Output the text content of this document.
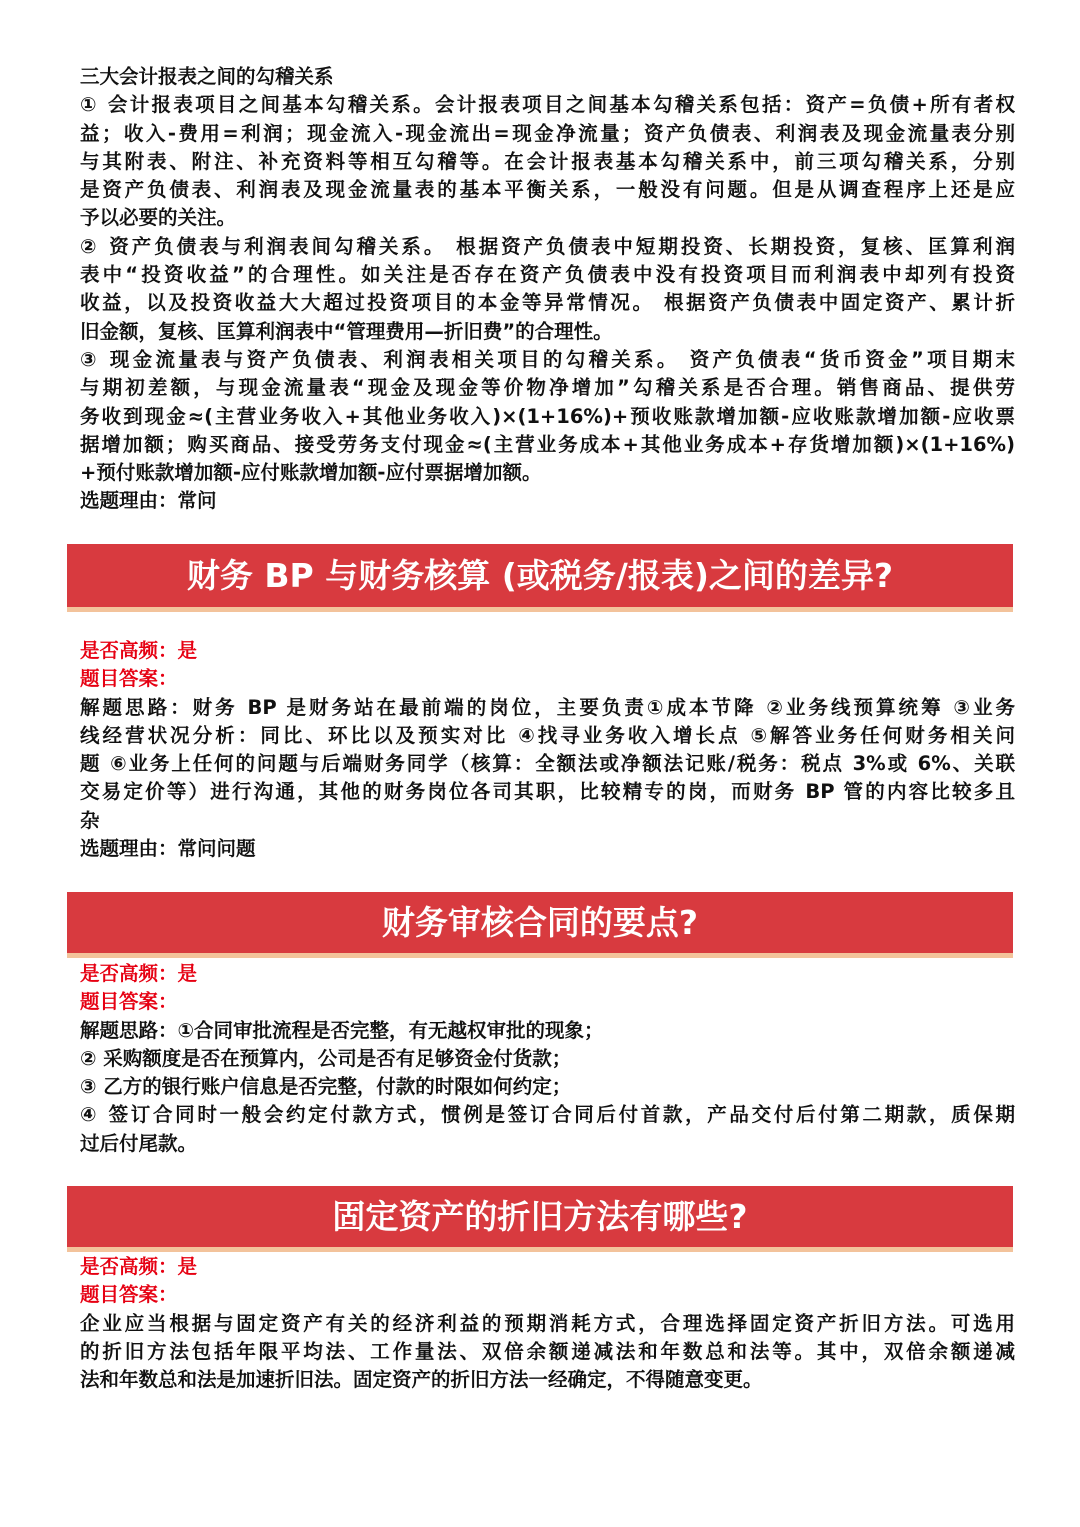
三大会计报表之间的勾稽关系
① 会计报表项目之间基本勾稽关系。会计报表项目之间基本勾稽关系包括：资产=负债+所有者权
益；收入-费用=利润；现金流入-现金流出=现金净流量；资产负债表、利润表及现金流量表分别
与其附表、附注、补充资料等相互勾稽等。在会计报表基本勾稽关系中，前三项勾稽关系，分别
是资产负债表、利润表及现金流量表的基本平衡关系，一般没有问题。但是从调查程序上还是应
予以必要的关注。
② 资产负债表与利润表间勾稽关系。 根据资产负债表中短期投资、长期投资，复核、匡算利润
表中“投资收益”的合理性。如关注是否存在资产负债表中没有投资项目而利润表中却列有投资
收益，以及投资收益大大超过投资项目的本金等异常情况。 根据资产负债表中固定资产、累计折
旧金额，复核、匡算利润表中“管理费用—折旧费”的合理性。
③ 现金流量表与资产负债表、利润表相关项目的勾稽关系。 资产负债表“货币资金”项目期末
与期初差额，与现金流量表“现金及现金等价物净增加”勾稽关系是否合理。销售商品、提供劳
务收到现金≈(主营业务收入+其他业务收入)×(1+16%)+预收账款增加额-应收账款增加额-应收票
据增加额；购买商品、接受劳务支付现金≈(主营业务成本+其他业务成本+存货增加额)×(1+16%)
+预付账款增加额-应付账款增加额-应付票据增加额。
选题理由：常问
财务 BP 与财务核算 (或税务/报表)之间的差异?
是否高频：是
题目答案：
解题思路：财务 BP 是财务站在最前端的岗位，主要负责①成本节降 ②业务线预算统筹 ③业务
线经营状况分析：同比、环比以及预实对比 ④找寻业务收入增长点 ⑤解答业务任何财务相关问
题 ⑥业务上任何的问题与后端财务同学（核算：全额法或净额法记账/税务：税点 3%或 6%、关联
交易定价等）进行沟通，其他的财务岗位各司其职，比较精专的岗，而财务 BP 管的内容比较多且
杂
选题理由：常问问题
财务审核合同的要点?
是否高频：是
题目答案：
解题思路：①合同审批流程是否完整，有无越权审批的现象；
② 采购额度是否在预算内，公司是否有足够资金付货款；
③ 乙方的银行账户信息是否完整，付款的时限如何约定；
④ 签订合同时一般会约定付款方式，惯例是签订合同后付首款，产品交付后付第二期款，质保期
过后付尾款。
固定资产的折旧方法有哪些?
是否高频：是
题目答案：
企业应当根据与固定资产有关的经济利益的预期消耗方式，合理选择固定资产折旧方法。可选用
的折旧方法包括年限平均法、工作量法、双倍余额递减法和年数总和法等。其中，双倍余额递减
法和年数总和法是加速折旧法。固定资产的折旧方法一经确定，不得随意变更。
